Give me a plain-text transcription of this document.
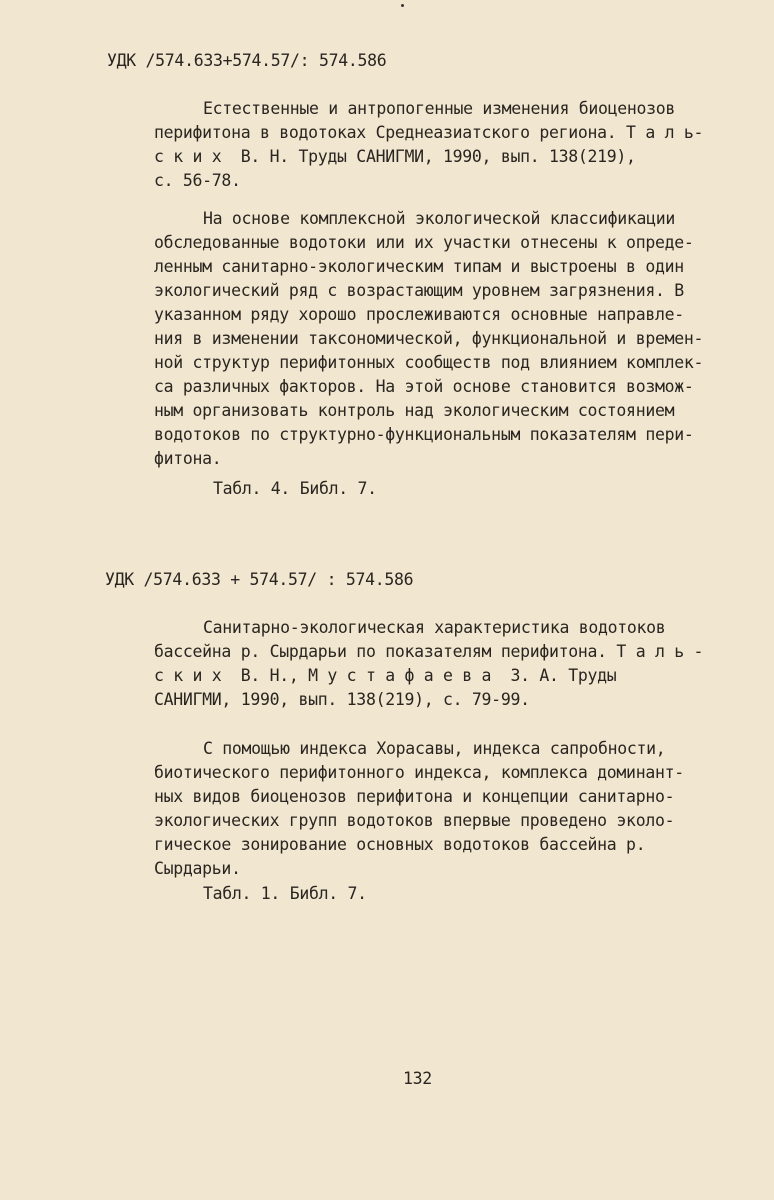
УДК /574.633+574.57/: 574.586
Естественные и антропогенные изменения биоценозов
перифитона в водотоках Среднеазиатского региона. Т а л ь-
с к и х  В. Н. Труды САНИГМИ, 1990, вып. 138(219),
с. 56-78.
На основе комплексной экологической классификации
обследованные водотоки или их участки отнесены к опреде-
ленным санитарно-экологическим типам и выстроены в один
экологический ряд с возрастающим уровнем загрязнения. В
указанном ряду хорошо прослеживаются основные направле-
ния в изменении таксономической, функциональной и времен-
ной структур перифитонных сообществ под влиянием комплек-
са различных факторов. На этой основе становится возмож-
ным организовать контроль над экологическим состоянием
водотоков по структурно-функциональным показателям пери-
фитона.
Табл. 4. Библ. 7.
УДК /574.633 + 574.57/ : 574.586
Санитарно-экологическая характеристика водотоков
бассейна р. Сырдарьи по показателям перифитона. Т а л ь -
с к и х  В. Н., М у с т а ф а е в а  З. А. Труды
САНИГМИ, 1990, вып. 138(219), с. 79-99.
С помощью индекса Хорасавы, индекса сапробности,
биотического перифитонного индекса, комплекса доминант-
ных видов биоценозов перифитона и концепции санитарно-
экологических групп водотоков впервые проведено эколо-
гическое зонирование основных водотоков бассейна р.
Сырдарьи.
Табл. 1. Библ. 7.
132
